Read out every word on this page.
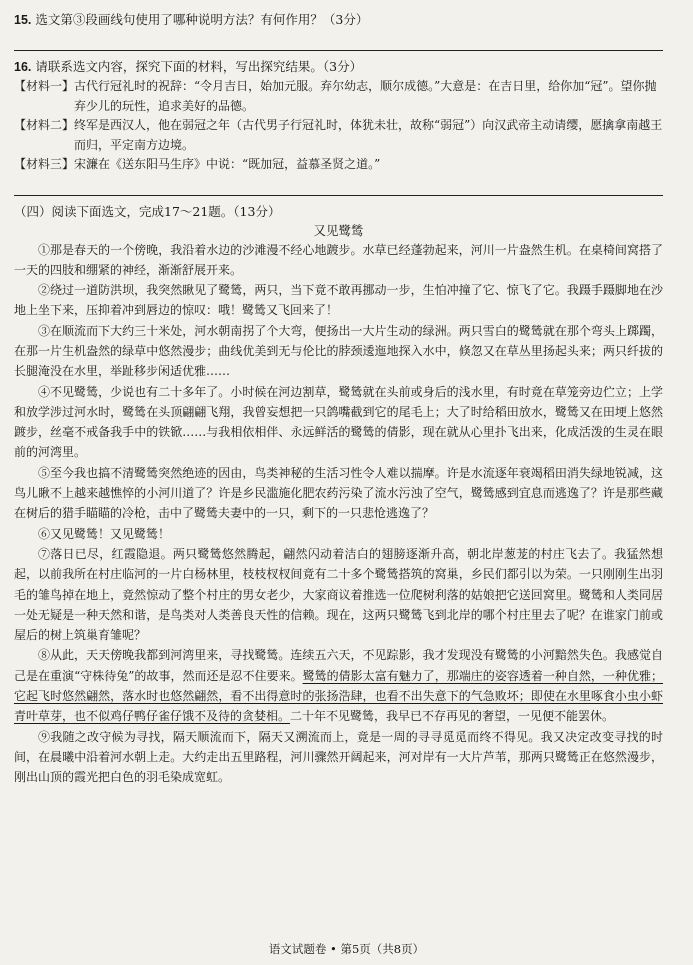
15. 选文第③段画线句使用了哪种说明方法？有何作用？（3分）
16. 请联系选文内容，探究下面的材料，写出探究结果。（3分）
【材料一】 古代行冠礼时的祝辞：“令月吉日，始加元服。弃尔幼志，顺尔成德。”大意是：在吉日里，给你加“冠”。望你抛弃少儿的玩性，追求美好的品德。
【材料二】 终军是西汉人，他在弱冠之年（古代男子行冠礼时，体犹未壮，故称“弱冠”）向汉武帝主动请缨，愿擒拿南越王而归，平定南方边境。
【材料三】 宋濂在《送东阳马生序》中说：“既加冠，益慕圣贤之道。”
（四）阅读下面选文，完成17～21题。（13分）
又见鹭鸶

①那是春天的一个傍晚，我沿着水边的沙滩漫不经心地踱步。水草已经蓬勃起来，河川一片盎然生机。在桌椅间窝搭了一天的四肢和绷紧的神经，渐渐舒展开来。

②绕过一道防洪坝，我突然瞅见了鹭鸶，两只，当下竟不敢再挪动一步，生怕冲撞了它、惊飞了它。我蹑手蹑脚地在沙地上坐下来，压抑着冲到唇边的惊叹：哦！鹭鸶又飞回来了！

③在顺流而下大约三十米处，河水朝南拐了个大弯，便扬出一大片生动的绿洲。两只雪白的鹭鸶就在那个弯头上踯躅，在那一片生机盎然的绿草中悠然漫步；曲线优美到无与伦比的脖颈逶迤地探入水中，倏忽又在草丛里扬起头来；两只纤拔的长腿淹没在水里，举趾移步闲适优雅……

④不见鹭鸶，少说也有二十多年了。小时候在河边割草，鹭鸶就在头前或身后的浅水里，有时竟在草笼旁边伫立；上学和放学涉过河水时，鹭鸶在头顶翩翩飞翔，我曾妄想把一只鸽嘴截到它的尾毛上；大了时给稻田放水，鹭鸶又在田埂上悠然踱步，丝毫不戒备我手中的铁锨……与我相依相伴、永远鲜活的鹭鸶的倩影，现在就从心里扑飞出来，化成活泼的生灵在眼前的河湾里。

⑤至今我也搞不清鹭鸶突然绝迹的因由，鸟类神秘的生活习性令人难以揣摩。许是水流逐年衰竭稻田消失绿地锐减，这鸟儿瞅不上越来越憔悴的小河川道了？许是乡民滥施化肥农药污染了流水污浊了空气，鹭鸶感到宜息而逃逸了？许是那些藏在树后的猎手瞄瞄的冷枪，击中了鹭鸶夫妻中的一只，剩下的一只悲怆逃逸了？

⑥又见鹭鸶！又见鹭鸶！

⑦落日已尽，红霞隐退。两只鹭鸶悠然腾起，翩然闪动着洁白的翅膀逐渐升高，朝北岸葱茏的村庄飞去了。我猛然想起，以前我所在村庄临河的一片白杨林里，枝枝杈杈间竟有二十多个鹭鸶搭筑的窝巢，乡民们都引以为荣。一只刚刚生出羽毛的雏鸟掉在地上，竟然惊动了整个村庄的男女老少，大家商议着推选一位爬树利落的姑娘把它送回窝里。鹭鸶和人类同居一处无疑是一种天然和谐，是鸟类对人类善良天性的信赖。现在，这两只鹭鸶飞到北岸的哪个村庄里去了呢？在谁家门前或屋后的树上筑巢育雏呢？

⑧从此，天天傍晚我都到河湾里来，寻找鹭鸶。连续五六天，不见踪影，我才发现没有鹭鸶的小河黯然失色。我感觉自己是在重演“守株待兔”的故事，然而还是忍不住要来。鹭鸶的倩影太富有魅力了，那端庄的姿容透着一种自然，一种优雅；它起飞时悠然翩然，落水时也悠然翩然，看不出得意时的张扬浩肆，也看不出失意下的气急败坏；即使在水里啄食小虫小虾青叶草芽，也不似鸡仔鸭仔雀仔饿不及待的贪婪相。二十年不见鹭鸶，我早已不存再见的奢望，一见便不能罢休。

⑨我随之改守候为寻找，隔天顺流而下，隔天又溯流而上，竟是一周的寻寻觅觅而终不得见。我又决定改变寻找的时间，在晨曦中沿着河水朝上走。大约走出五里路程，河川骤然开阔起来，河对岸有一大片芦苇，那两只鹭鸶正在悠然漫步，刚出山顶的霞光把白色的羽毛染成宽虹。

语文试题卷 • 第5页（共8页）
